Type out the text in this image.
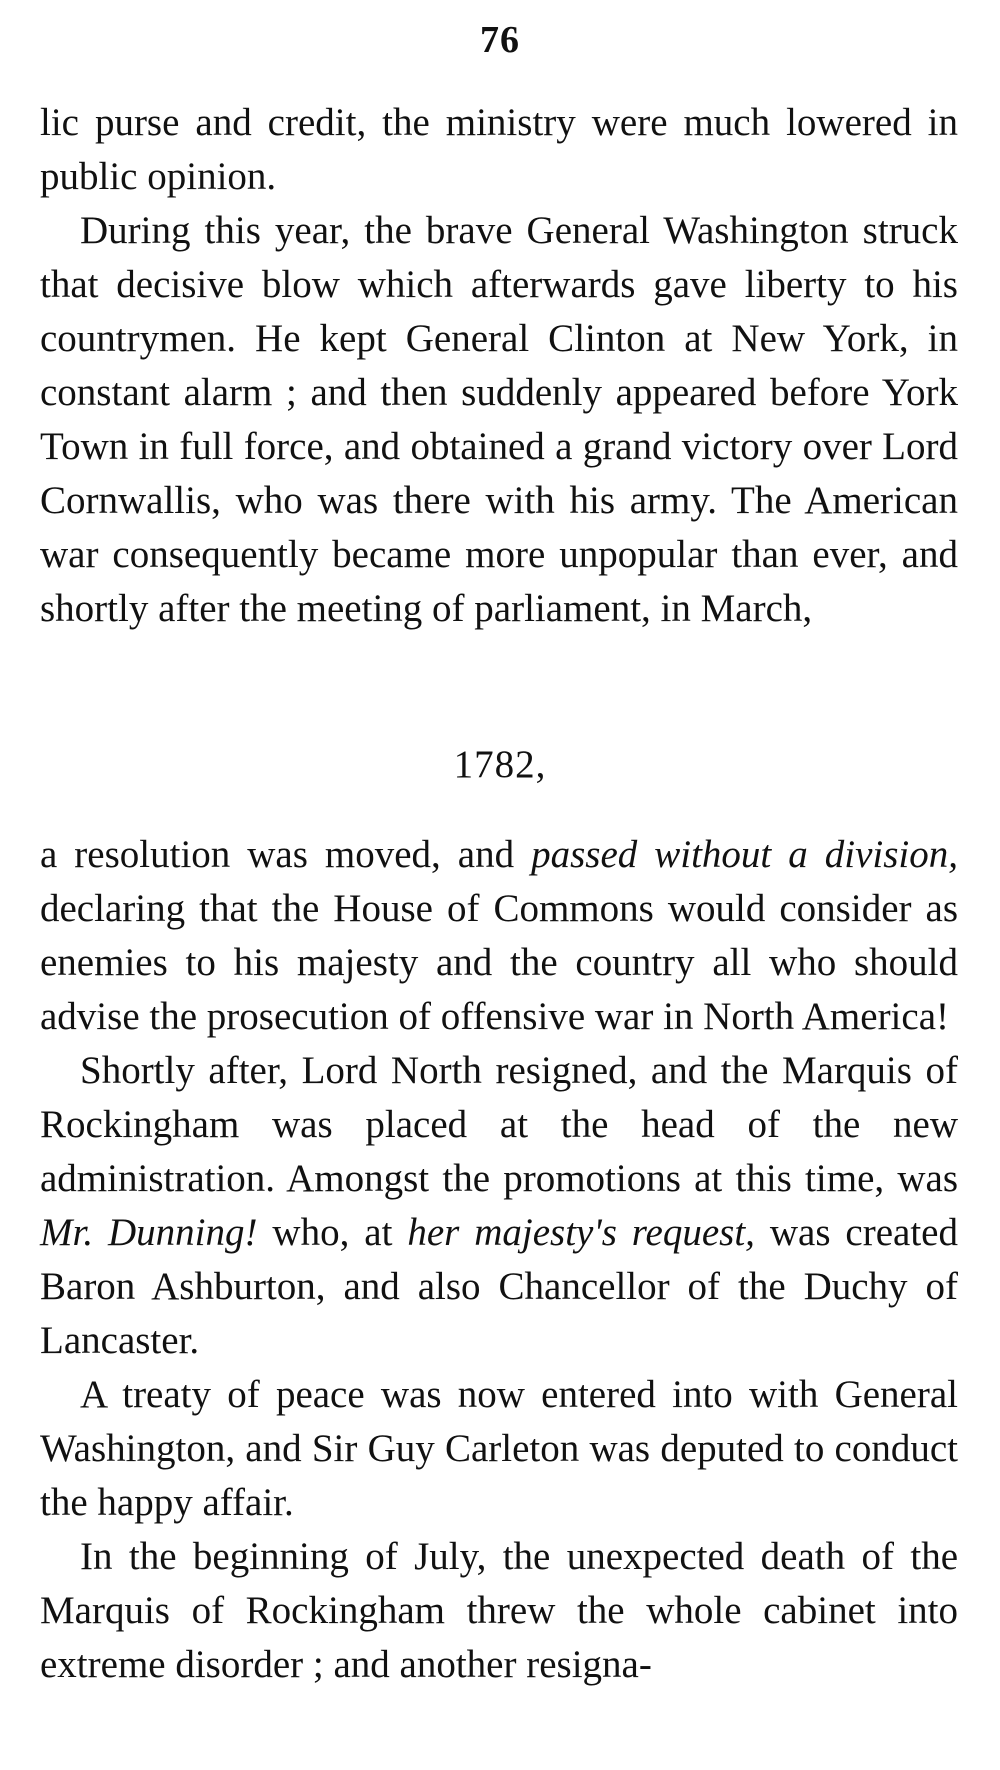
76

lic purse and credit, the ministry were much lowered in public opinion.

During this year, the brave General Washington struck that decisive blow which afterwards gave liberty to his countrymen. He kept General Clinton at New York, in constant alarm ; and then suddenly appeared before York Town in full force, and obtained a grand victory over Lord Cornwallis, who was there with his army. The American war consequently became more unpopular than ever, and shortly after the meeting of parliament, in March,

1782,

a resolution was moved, and passed without a division, declaring that the House of Commons would consider as enemies to his majesty and the country all who should advise the prosecution of offensive war in North America!

Shortly after, Lord North resigned, and the Marquis of Rockingham was placed at the head of the new administration. Amongst the promotions at this time, was Mr. Dunning! who, at her majesty's request, was created Baron Ashburton, and also Chancellor of the Duchy of Lancaster.

A treaty of peace was now entered into with General Washington, and Sir Guy Carleton was deputed to conduct the happy affair.

In the beginning of July, the unexpected death of the Marquis of Rockingham threw the whole cabinet into extreme disorder ; and another resigna-
